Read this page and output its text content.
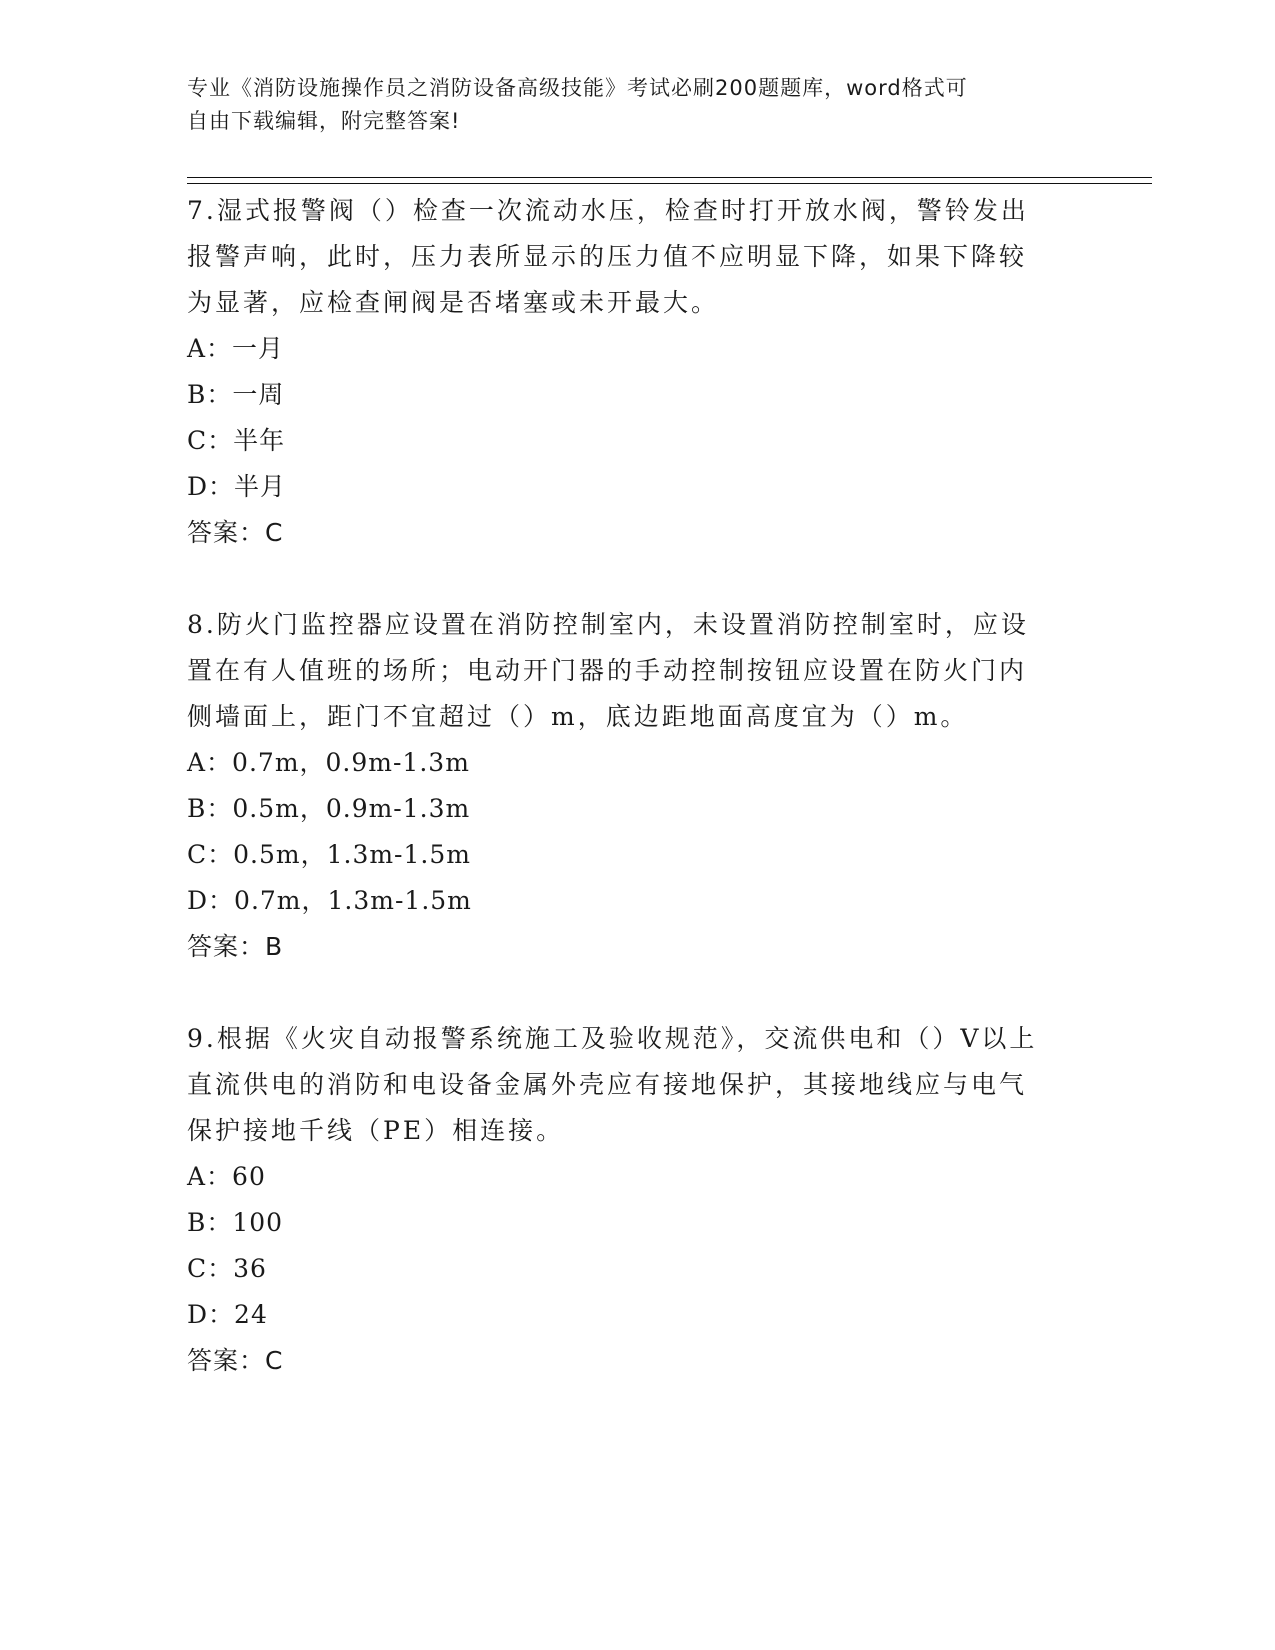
专业《消防设施操作员之消防设备高级技能》考试必刷200题题库，word格式可
自由下载编辑，附完整答案!

7.湿式报警阀（）检查一次流动水压，检查时打开放水阀，警铃发出

报警声响，此时，压力表所显示的压力值不应明显下降，如果下降较

为显著，应检查闸阀是否堵塞或未开最大。

A：一月

B：一周

C：半年

D：半月

答案：C

8.防火门监控器应设置在消防控制室内，未设置消防控制室时，应设

置在有人值班的场所；电动开门器的手动控制按钮应设置在防火门内

侧墙面上，距门不宜超过（）m，底边距地面高度宜为（）m。

A：0.7m，0.9m-1.3m

B：0.5m，0.9m-1.3m

C：0.5m，1.3m-1.5m

D：0.7m，1.3m-1.5m

答案：B

9.根据《火灾自动报警系统施工及验收规范》，交流供电和（）V以上

直流供电的消防和电设备金属外壳应有接地保护，其接地线应与电气

保护接地千线（PE）相连接。

A：60

B：100

C：36

D：24

答案：C
